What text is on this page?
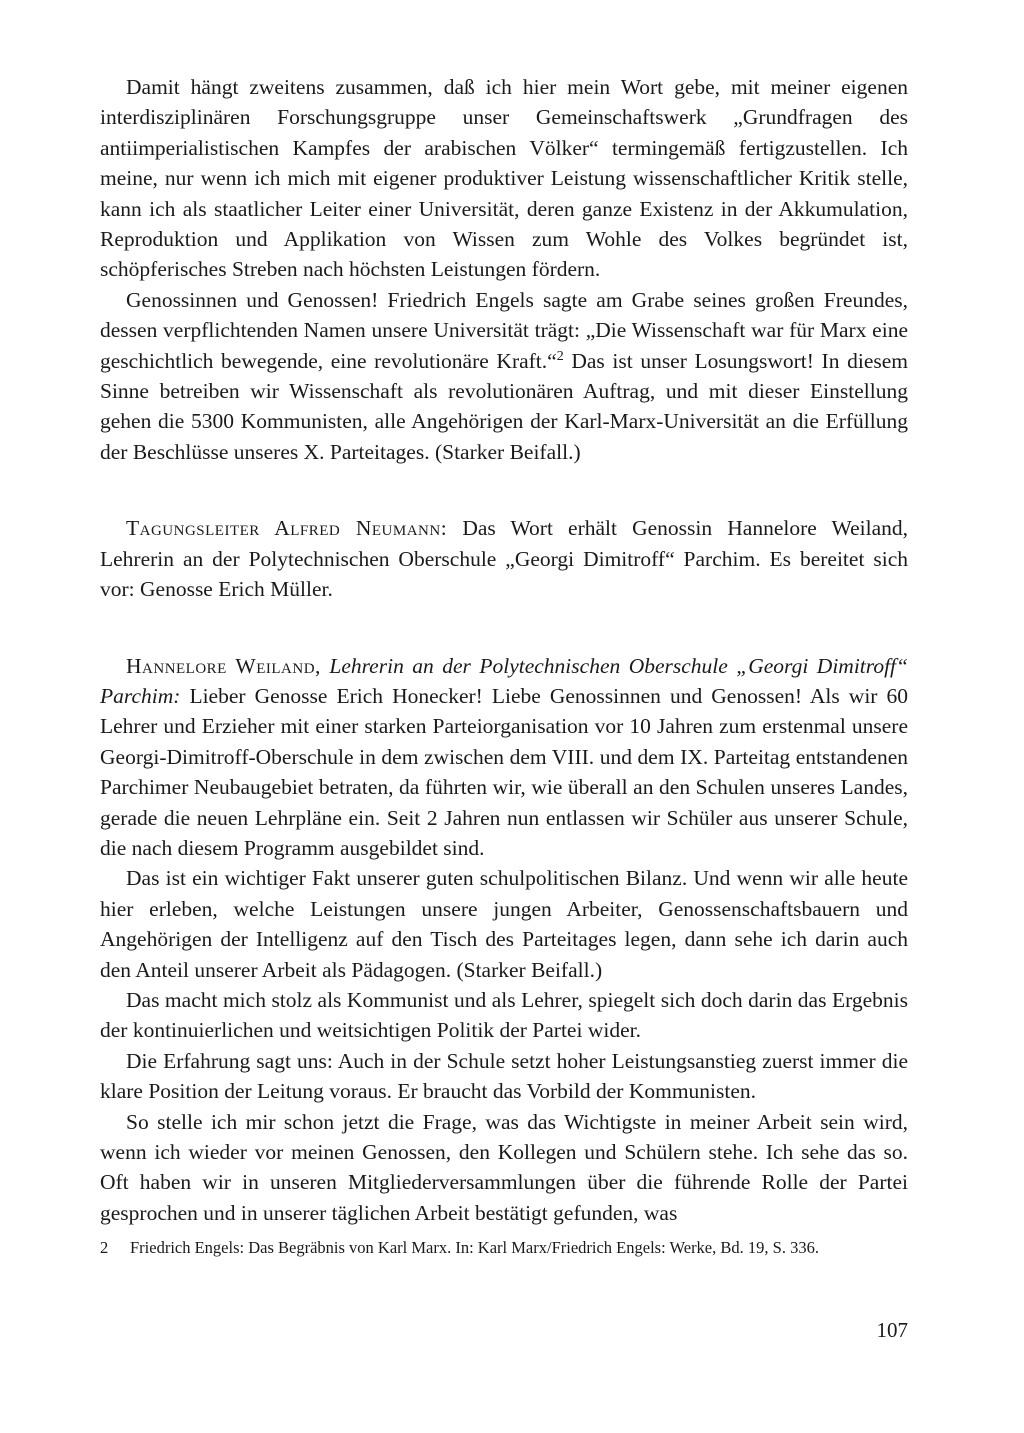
Damit hängt zweitens zusammen, daß ich hier mein Wort gebe, mit meiner eigenen interdisziplinären Forschungsgruppe unser Gemeinschaftswerk „Grundfragen des antiimperialistischen Kampfes der arabischen Völker“ termingemäß fertigzustellen. Ich meine, nur wenn ich mich mit eigener produktiver Leistung wissenschaftlicher Kritik stelle, kann ich als staatlicher Leiter einer Universität, deren ganze Existenz in der Akkumulation, Reproduktion und Applikation von Wissen zum Wohle des Volkes begründet ist, schöpferisches Streben nach höchsten Leistungen fördern.

Genossinnen und Genossen! Friedrich Engels sagte am Grabe seines großen Freundes, dessen verpflichtenden Namen unsere Universität trägt: „Die Wissenschaft war für Marx eine geschichtlich bewegende, eine revolutionäre Kraft.“$^2$ Das ist unser Losungswort! In diesem Sinne betreiben wir Wissenschaft als revolutionären Auftrag, und mit dieser Einstellung gehen die 5300 Kommunisten, alle Angehörigen der Karl-Marx-Universität an die Erfüllung der Beschlüsse unseres X. Parteitages. (Starker Beifall.)

Tagungsleiter Alfred Neumann: Das Wort erhält Genossin Hannelore Weiland, Lehrerin an der Polytechnischen Oberschule „Georgi Dimitroff“ Parchim. Es bereitet sich vor: Genosse Erich Müller.

Hannelore Weiland, Lehrerin an der Polytechnischen Oberschule „Georgi Dimitroff“ Parchim: Lieber Genosse Erich Honecker! Liebe Genossinnen und Genossen! Als wir 60 Lehrer und Erzieher mit einer starken Parteiorganisation vor 10 Jahren zum erstenmal unsere Georgi-Dimitroff-Oberschule in dem zwischen dem VIII. und dem IX. Parteitag entstandenen Parchimer Neubaugebiet betraten, da führten wir, wie überall an den Schulen unseres Landes, gerade die neuen Lehrpläne ein. Seit 2 Jahren nun entlassen wir Schüler aus unserer Schule, die nach diesem Programm ausgebildet sind.

Das ist ein wichtiger Fakt unserer guten schulpolitischen Bilanz. Und wenn wir alle heute hier erleben, welche Leistungen unsere jungen Arbeiter, Genossenschaftsbauern und Angehörigen der Intelligenz auf den Tisch des Parteitages legen, dann sehe ich darin auch den Anteil unserer Arbeit als Pädagogen. (Starker Beifall.)

Das macht mich stolz als Kommunist und als Lehrer, spiegelt sich doch darin das Ergebnis der kontinuierlichen und weitsichtigen Politik der Partei wider.

Die Erfahrung sagt uns: Auch in der Schule setzt hoher Leistungsanstieg zuerst immer die klare Position der Leitung voraus. Er braucht das Vorbild der Kommunisten.

So stelle ich mir schon jetzt die Frage, was das Wichtigste in meiner Arbeit sein wird, wenn ich wieder vor meinen Genossen, den Kollegen und Schülern stehe. Ich sehe das so. Oft haben wir in unseren Mitgliederversammlungen über die führende Rolle der Partei gesprochen und in unserer täglichen Arbeit bestätigt gefunden, was

2 Friedrich Engels: Das Begräbnis von Karl Marx. In: Karl Marx/Friedrich Engels: Werke, Bd. 19, S. 336.

107
